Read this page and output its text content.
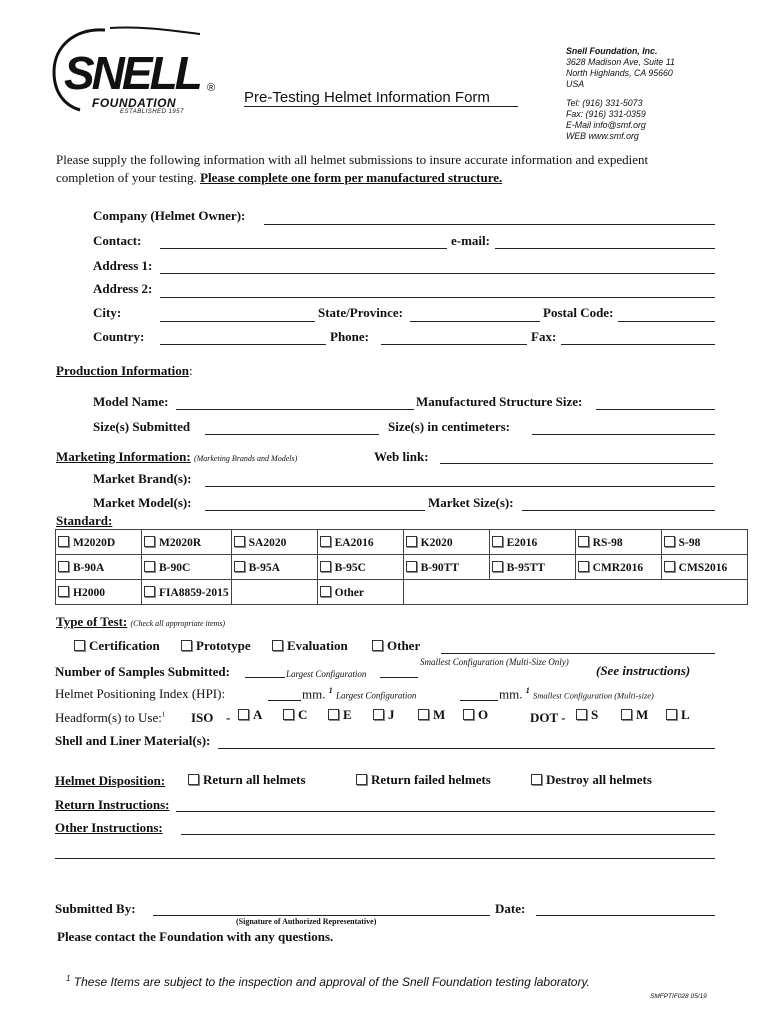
SNELL ®
FOUNDATION
ESTABLISHED 1957
Pre-Testing Helmet Information Form
Snell Foundation, Inc.
3628 Madison Ave, Suite 11
North Highlands, CA 95660
USA
Tel: (916) 331-5073
Fax: (916) 331-0359
E-Mail info@smf.org
WEB www.smf.org
Please supply the following information with all helmet submissions to insure accurate information and expedient completion of your testing. Please complete one form per manufactured structure.
Company (Helmet Owner):
Contact:	e-mail:
Address 1:
Address 2:
City:	State/Province:	Postal Code:
Country:	Phone:	Fax:
Production Information:
Model Name:	Manufactured Structure Size:
Size(s) Submitted	Size(s) in centimeters:
Marketing Information: (Marketing Brands and Models)	Web link:
Market Brand(s):
Market Model(s):	Market Size(s):
Standard:
M2020D	M2020R	SA2020	EA2016	K2020	E2016	RS-98	S-98
B-90A	B-90C	B-95A	B-95C	B-90TT	B-95TT	CMR2016	CMS2016
H2000	FIA8859-2015		Other				
Type of Test: (Check all appropriate items)
Certification	Prototype	Evaluation	Other
Number of Samples Submitted:	Largest Configuration
Smallest Configuration (Multi-Size Only)
(See instructions)
Helmet Positioning Index (HPI):	mm. $^1$ Largest Configuration	mm. $^1$ Smallest Configuration (Multi-size)
Headform(s) to Use:$^1$ ISO -	A	C	E	J	M	O	DOT -	S	M	L
Shell and Liner Material(s):
Helmet Disposition:	Return all helmets	Return failed helmets	Destroy all helmets
Return Instructions:
Other Instructions:
Submitted By:
(Signature of Authorized Representative)
Date:
Please contact the Foundation with any questions.
$^1$ These Items are subject to the inspection and approval of the Snell Foundation testing laboratory.
SMFPTIF028 05/19
